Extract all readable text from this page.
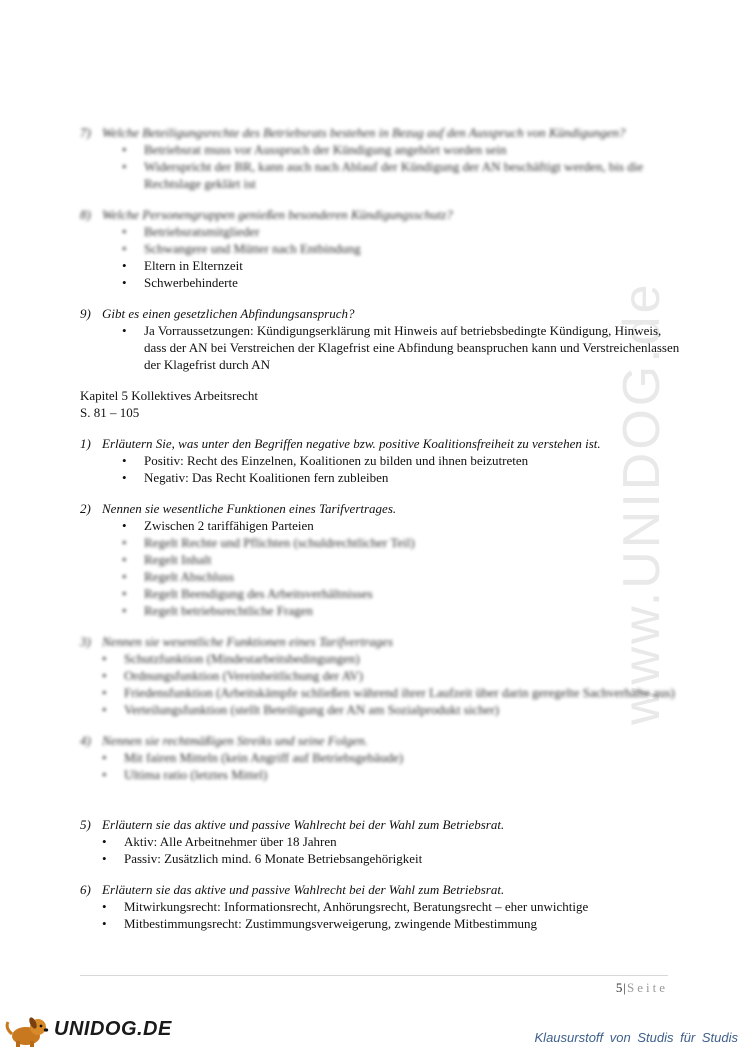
www.UNIDOG.de

7) Welche Beteiligungsrechte des Betriebsrats bestehen in Bezug auf den Ausspruch von Kündigungen?

• Betriebsrat muss vor Ausspruch der Kündigung angehört worden sein
• Widerspricht der BR, kann auch nach Ablauf der Kündigung der AN beschäftigt werden, bis die Rechtslage geklärt ist

8) Welche Personengruppen genießen besonderen Kündigungsschutz?

• Betriebsratsmitglieder
• Schwangere und Mütter nach Entbindung
• Eltern in Elternzeit
• Schwerbehinderte

9) Gibt es einen gesetzlichen Abfindungsanspruch?

• Ja Vorraussetzungen: Kündigungserklärung mit Hinweis auf betriebsbedingte Kündigung, Hinweis, dass der AN bei Verstreichen der Klagefrist eine Abfindung beanspruchen kann und Verstreichenlassen der Klagefrist durch AN

Kapitel 5 Kollektives Arbeitsrecht

S. 81 – 105

1) Erläutern Sie, was unter den Begriffen negative bzw. positive Koalitionsfreiheit zu verstehen ist.

• Positiv: Recht des Einzelnen, Koalitionen zu bilden und ihnen beizutreten
• Negativ: Das Recht Koalitionen fern zubleiben

2) Nennen sie wesentliche Funktionen eines Tarifvertrages.

• Zwischen 2 tariffähigen Parteien
• Regelt Rechte und Pflichten (schuldrechtlicher Teil)
• Regelt Inhalt
• Regelt Abschluss
• Regelt Beendigung des Arbeitsverhältnisses
• Regelt betriebsrechtliche Fragen

3) Nennen sie wesentliche Funktionen eines Tarifvertrages

• Schutzfunktion (Mindestarbeitsbedingungen)
• Ordnungsfunktion (Vereinheitlichung der AV)
• Friedensfunktion (Arbeitskämpfe schließen während ihrer Laufzeit über darin geregelte Sachverhalte aus)
• Verteilungsfunktion (stellt Beteiligung der AN am Sozialprodukt sicher)

4) Nennen sie rechtmäßigen Streiks und seine Folgen.

• Mit fairen Mitteln (kein Angriff auf Betriebsgebäude)
• Ultima ratio (letztes Mittel)

5) Erläutern sie das aktive und passive Wahlrecht bei der Wahl zum Betriebsrat.

• Aktiv: Alle Arbeitnehmer über 18 Jahren
• Passiv: Zusätzlich mind. 6 Monate Betriebsangehörigkeit

6) Erläutern sie das aktive und passive Wahlrecht bei der Wahl zum Betriebsrat.

• Mitwirkungsrecht: Informationsrecht, Anhörungsrecht, Beratungsrecht – eher unwichtige
• Mitbestimmungsrecht: Zustimmungsverweigerung, zwingende Mitbestimmung
5|Seite
UNIDOG.DE	Klausurstoff von Studis für Studis
